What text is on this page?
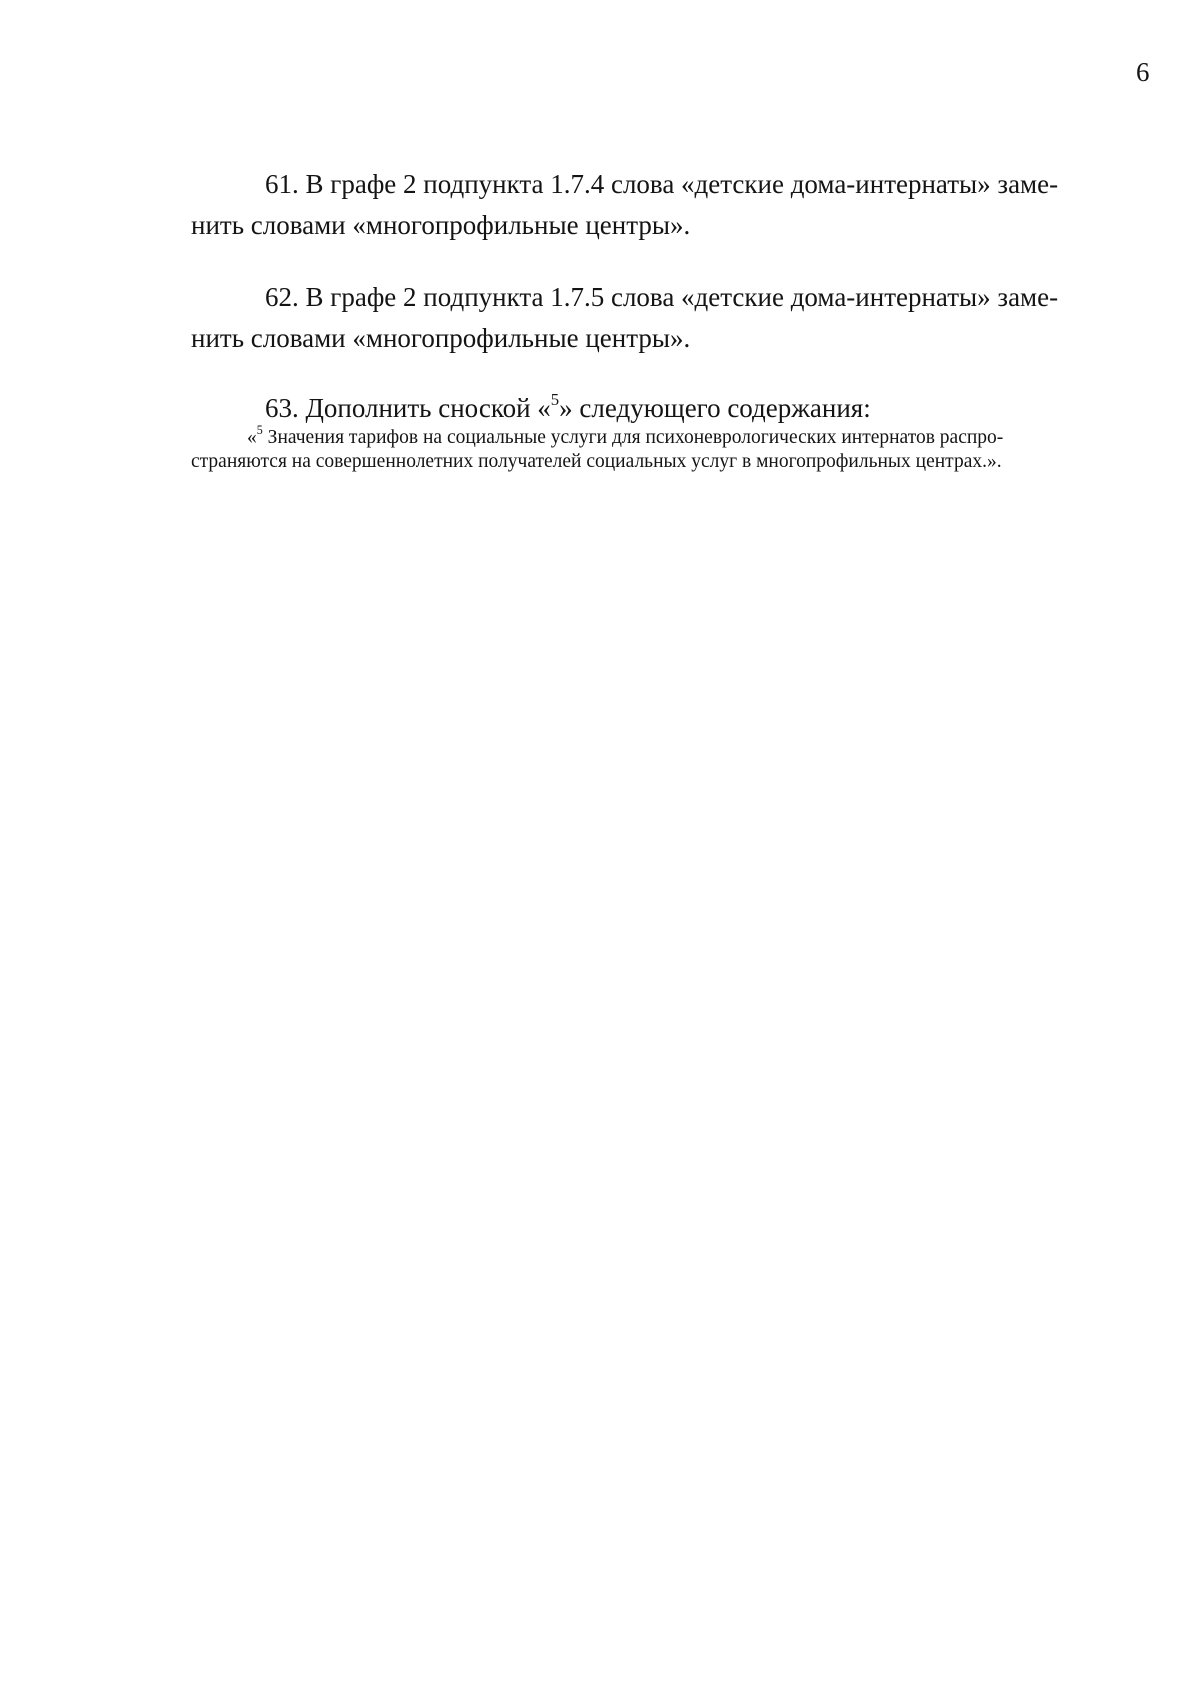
6

61. В графе 2 подпункта 1.7.4 слова «детские дома-интернаты» заме-
нить словами «многопрофильные центры».

62. В графе 2 подпункта 1.7.5 слова «детские дома-интернаты» заме-
нить словами «многопрофильные центры».

63. Дополнить сноской «$^5$» следующего содержания:

«$^5$ Значения тарифов на социальные услуги для психоневрологических интернатов распро-
страняются на совершеннолетних получателей социальных услуг в многопрофильных центрах.».
